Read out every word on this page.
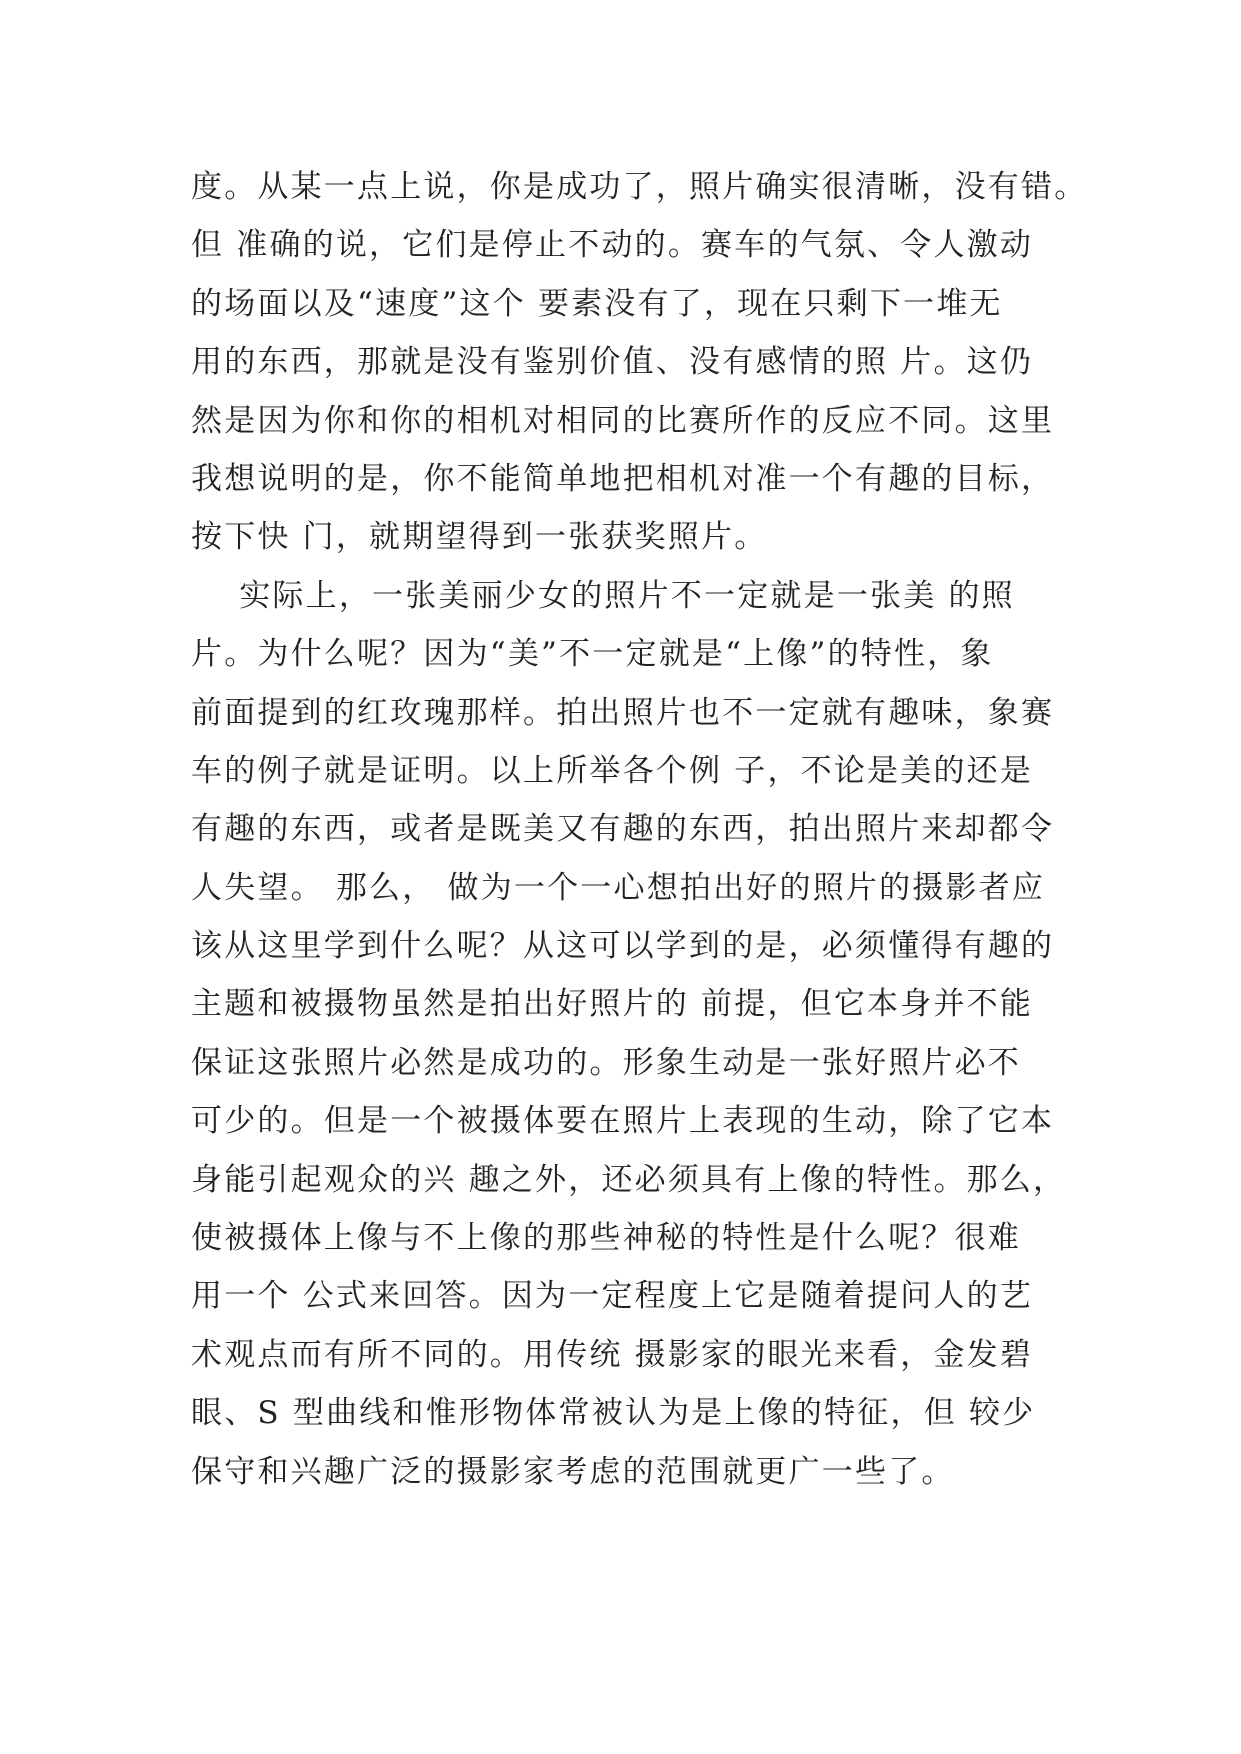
度。从某一点上说，你是成功了，照片确实很清晰，没有错。
但 准确的说，它们是停止不动的。赛车的气氛、令人激动
的场面以及“速度”这个 要素没有了，现在只剩下一堆无
用的东西，那就是没有鉴别价值、没有感情的照 片。这仍
然是因为你和你的相机对相同的比赛所作的反应不同。这里
我想说明的是，你不能简单地把相机对准一个有趣的目标，
按下快 门，就期望得到一张获奖照片。
实际上，一张美丽少女的照片不一定就是一张美 的照
片。为什么呢？因为“美”不一定就是“上像”的特性，象
前面提到的红玫瑰那样。拍出照片也不一定就有趣味，象赛
车的例子就是证明。以上所举各个例 子，不论是美的还是
有趣的东西，或者是既美又有趣的东西，拍出照片来却都令
人失望。 那么， 做为一个一心想拍出好的照片的摄影者应
该从这里学到什么呢？从这可以学到的是，必须懂得有趣的
主题和被摄物虽然是拍出好照片的 前提，但它本身并不能
保证这张照片必然是成功的。形象生动是一张好照片必不
可少的。但是一个被摄体要在照片上表现的生动，除了它本
身能引起观众的兴 趣之外，还必须具有上像的特性。那么，
使被摄体上像与不上像的那些神秘的特性是什么呢？很难
用一个 公式来回答。因为一定程度上它是随着提问人的艺
术观点而有所不同的。用传统 摄影家的眼光来看，金发碧
眼、S 型曲线和惟形物体常被认为是上像的特征，但 较少
保守和兴趣广泛的摄影家考虑的范围就更广一些了。
